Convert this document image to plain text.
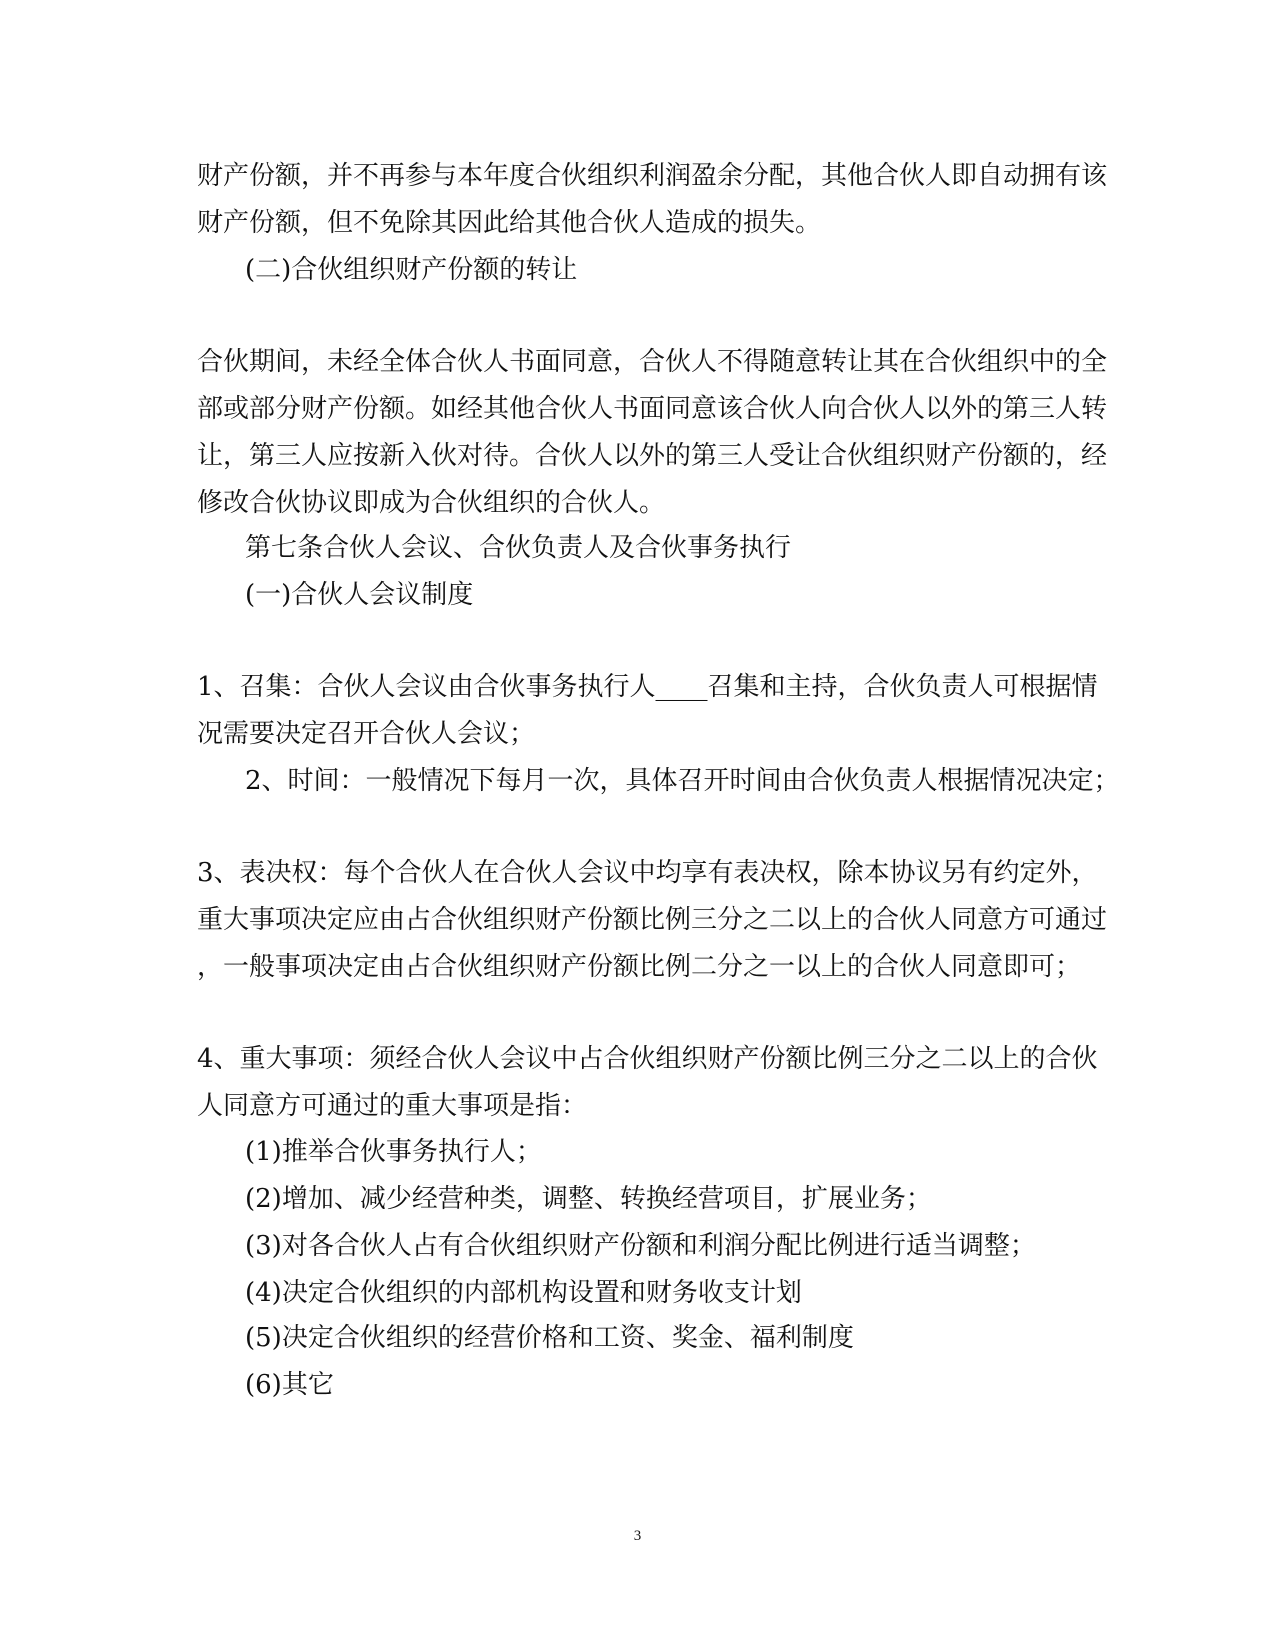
财产份额，并不再参与本年度合伙组织利润盈余分配，其他合伙人即自动拥有该
财产份额，但不免除其因此给其他合伙人造成的损失。
(二)合伙组织财产份额的转让
合伙期间，未经全体合伙人书面同意，合伙人不得随意转让其在合伙组织中的全
部或部分财产份额。如经其他合伙人书面同意该合伙人向合伙人以外的第三人转
让，第三人应按新入伙对待。合伙人以外的第三人受让合伙组织财产份额的，经
修改合伙协议即成为合伙组织的合伙人。
第七条合伙人会议、合伙负责人及合伙事务执行
(一)合伙人会议制度
1、召集：合伙人会议由合伙事务执行人____召集和主持，合伙负责人可根据情
况需要决定召开合伙人会议；
2、时间：一般情况下每月一次，具体召开时间由合伙负责人根据情况决定；
3、表决权：每个合伙人在合伙人会议中均享有表决权，除本协议另有约定外，
重大事项决定应由占合伙组织财产份额比例三分之二以上的合伙人同意方可通过
，一般事项决定由占合伙组织财产份额比例二分之一以上的合伙人同意即可；
4、重大事项：须经合伙人会议中占合伙组织财产份额比例三分之二以上的合伙
人同意方可通过的重大事项是指：
(1)推举合伙事务执行人；
(2)增加、减少经营种类，调整、转换经营项目，扩展业务；
(3)对各合伙人占有合伙组织财产份额和利润分配比例进行适当调整；
(4)决定合伙组织的内部机构设置和财务收支计划
(5)决定合伙组织的经营价格和工资、奖金、福利制度
(6)其它
3
